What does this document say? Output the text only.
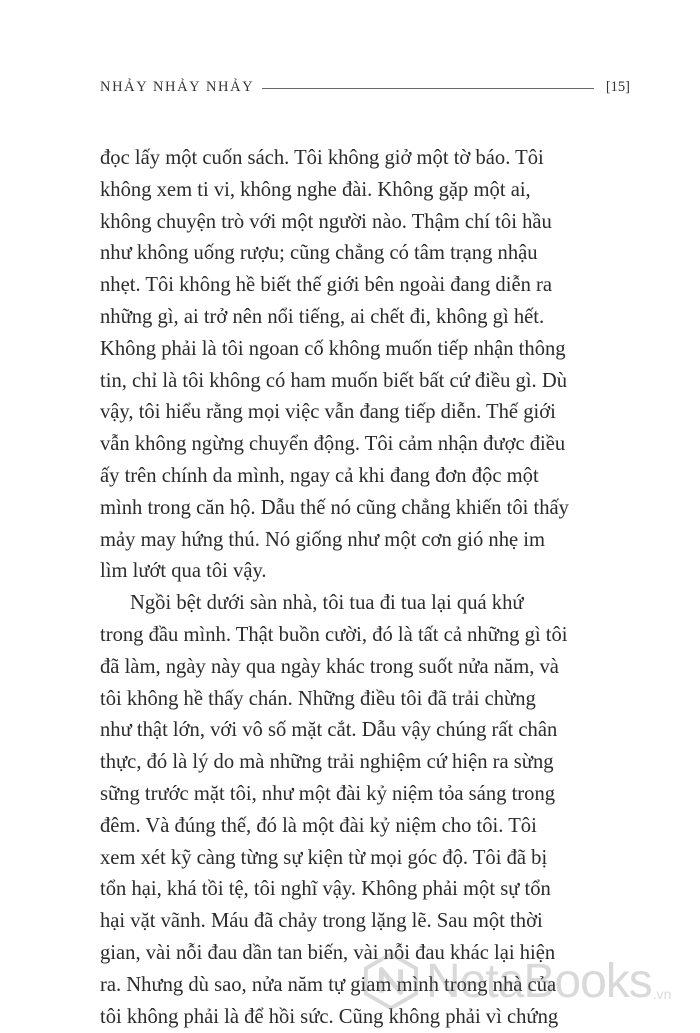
NHẢY NHẢY NHẢY	[15]
đọc lấy một cuốn sách. Tôi không giở một tờ báo. Tôi
không xem ti vi, không nghe đài. Không gặp một ai,
không chuyện trò với một người nào. Thậm chí tôi hầu
như không uống rượu; cũng chẳng có tâm trạng nhậu
nhẹt. Tôi không hề biết thế giới bên ngoài đang diễn ra
những gì, ai trở nên nổi tiếng, ai chết đi, không gì hết.
Không phải là tôi ngoan cố không muốn tiếp nhận thông
tin, chỉ là tôi không có ham muốn biết bất cứ điều gì. Dù
vậy, tôi hiểu rằng mọi việc vẫn đang tiếp diễn. Thế giới
vẫn không ngừng chuyển động. Tôi cảm nhận được điều
ấy trên chính da mình, ngay cả khi đang đơn độc một
mình trong căn hộ. Dẫu thế nó cũng chẳng khiến tôi thấy
mảy may hứng thú. Nó giống như một cơn gió nhẹ im
lìm lướt qua tôi vậy.
Ngồi bệt dưới sàn nhà, tôi tua đi tua lại quá khứ
trong đầu mình. Thật buồn cười, đó là tất cả những gì tôi
đã làm, ngày này qua ngày khác trong suốt nửa năm, và
tôi không hề thấy chán. Những điều tôi đã trải chừng
như thật lớn, với vô số mặt cắt. Dẫu vậy chúng rất chân
thực, đó là lý do mà những trải nghiệm cứ hiện ra sừng
sững trước mặt tôi, như một đài kỷ niệm tỏa sáng trong
đêm. Và đúng thế, đó là một đài kỷ niệm cho tôi. Tôi
xem xét kỹ càng từng sự kiện từ mọi góc độ. Tôi đã bị
tổn hại, khá tồi tệ, tôi nghĩ vậy. Không phải một sự tổn
hại vặt vãnh. Máu đã chảy trong lặng lẽ. Sau một thời
gian, vài nỗi đau dần tan biến, vài nỗi đau khác lại hiện
ra. Nhưng dù sao, nửa năm tự giam mình trong nhà của
tôi không phải là để hồi sức. Cũng không phải vì chứng
NetaBooks .vn
